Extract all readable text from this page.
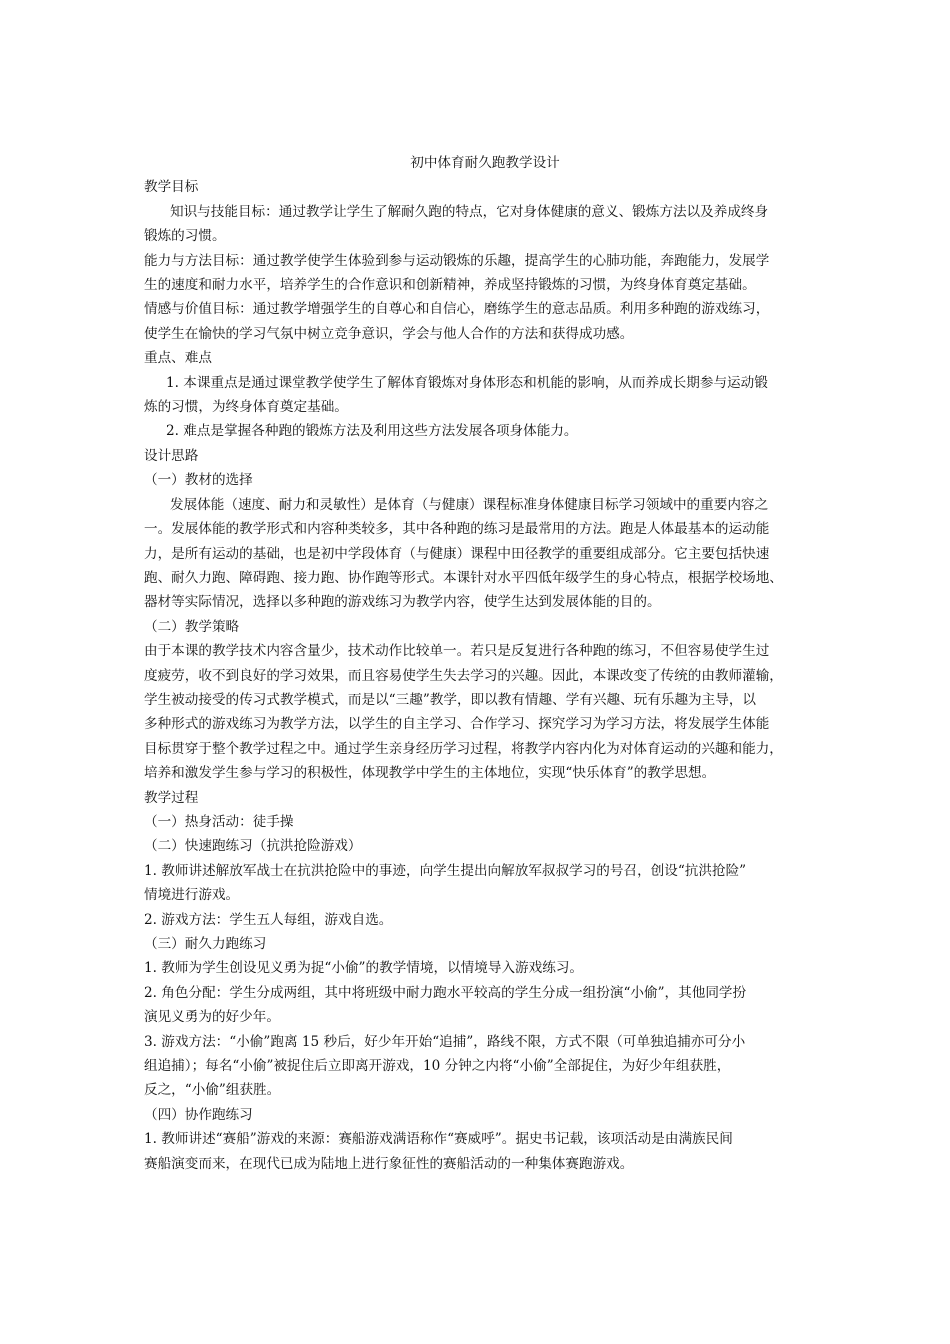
初中体育耐久跑教学设计
教学目标
知识与技能目标：通过教学让学生了解耐久跑的特点，它对身体健康的意义、锻炼方法以及养成终身
锻炼的习惯。
能力与方法目标：通过教学使学生体验到参与运动锻炼的乐趣，提高学生的心肺功能，奔跑能力，发展学
生的速度和耐力水平，培养学生的合作意识和创新精神，养成坚持锻炼的习惯，为终身体育奠定基础。
情感与价值目标：通过教学增强学生的自尊心和自信心，磨练学生的意志品质。利用多种跑的游戏练习，
使学生在愉快的学习气氛中树立竞争意识，学会与他人合作的方法和获得成功感。
重点、难点
1. 本课重点是通过课堂教学使学生了解体育锻炼对身体形态和机能的影响，从而养成长期参与运动锻
炼的习惯，为终身体育奠定基础。
2. 难点是掌握各种跑的锻炼方法及利用这些方法发展各项身体能力。
设计思路
（一）教材的选择
发展体能（速度、耐力和灵敏性）是体育（与健康）课程标准身体健康目标学习领域中的重要内容之
一。发展体能的教学形式和内容种类较多，其中各种跑的练习是最常用的方法。跑是人体最基本的运动能
力，是所有运动的基础，也是初中学段体育（与健康）课程中田径教学的重要组成部分。它主要包括快速
跑、耐久力跑、障碍跑、接力跑、协作跑等形式。本课针对水平四低年级学生的身心特点，根据学校场地、
器材等实际情况，选择以多种跑的游戏练习为教学内容，使学生达到发展体能的目的。
（二）教学策略
由于本课的教学技术内容含量少，技术动作比较单一。若只是反复进行各种跑的练习，不但容易使学生过
度疲劳，收不到良好的学习效果，而且容易使学生失去学习的兴趣。因此，本课改变了传统的由教师灌输，
学生被动接受的传习式教学模式，而是以“三趣”教学，即以教有情趣、学有兴趣、玩有乐趣为主导，以
多种形式的游戏练习为教学方法，以学生的自主学习、合作学习、探究学习为学习方法，将发展学生体能
目标贯穿于整个教学过程之中。通过学生亲身经历学习过程，将教学内容内化为对体育运动的兴趣和能力，
培养和激发学生参与学习的积极性，体现教学中学生的主体地位，实现“快乐体育”的教学思想。
教学过程
（一）热身活动：徒手操
（二）快速跑练习（抗洪抢险游戏）
1. 教师讲述解放军战士在抗洪抢险中的事迹，向学生提出向解放军叔叔学习的号召，创设“抗洪抢险”
情境进行游戏。
2. 游戏方法：学生五人每组，游戏自选。
（三）耐久力跑练习
1. 教师为学生创设见义勇为捉“小偷”的教学情境，以情境导入游戏练习。
2. 角色分配：学生分成两组，其中将班级中耐力跑水平较高的学生分成一组扮演“小偷”，其他同学扮
演见义勇为的好少年。
3. 游戏方法：“小偷”跑离 15 秒后，好少年开始“追捕”，路线不限，方式不限（可单独追捕亦可分小
组追捕）；每名“小偷”被捉住后立即离开游戏，10 分钟之内将“小偷”全部捉住，为好少年组获胜，
反之，“小偷”组获胜。
（四）协作跑练习
1. 教师讲述“赛船”游戏的来源：赛船游戏满语称作“赛威呼”。据史书记载，该项活动是由满族民间
赛船演变而来，在现代已成为陆地上进行象征性的赛船活动的一种集体赛跑游戏。
